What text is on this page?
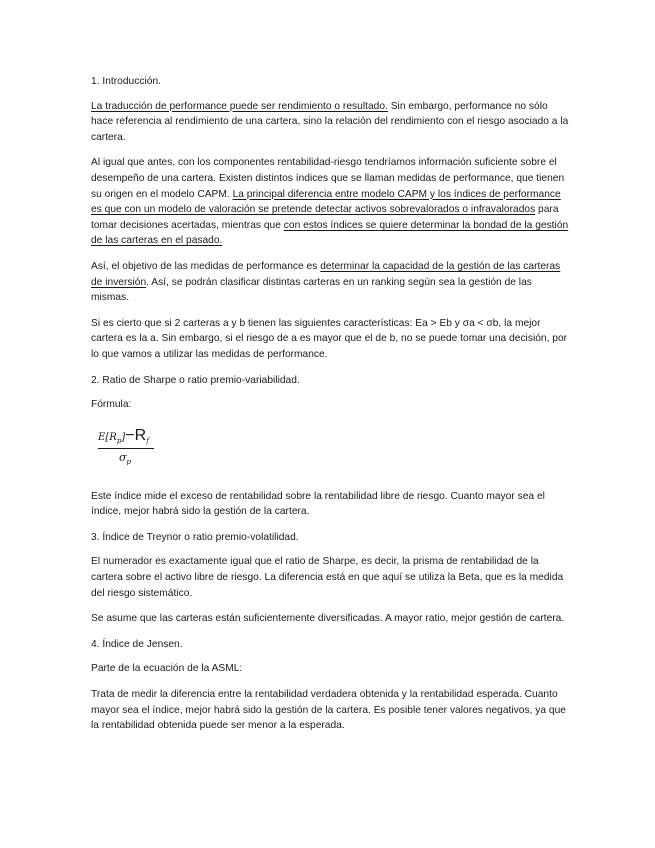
1. Introducción.

La traducción de performance puede ser rendimiento o resultado. Sin embargo, performance no sólo hace referencia al rendimiento de una cartera, sino la relación del rendimiento con el riesgo asociado a la cartera.

Al igual que antes, con los componentes rentabilidad-riesgo tendríamos información suficiente sobre el desempeño de una cartera. Existen distintos índices que se llaman medidas de performance, que tienen su origen en el modelo CAPM. La principal diferencia entre modelo CAPM y los índices de performance es que con un modelo de valoración se pretende detectar activos sobrevalorados o infravalorados para tomar decisiones acertadas, mientras que con estos índices se quiere determinar la bondad de la gestión de las carteras en el pasado.

Así, el objetivo de las medidas de performance es determinar la capacidad de la gestión de las carteras de inversión. Así, se podrán clasificar distintas carteras en un ranking según sea la gestión de las mismas.

Si es cierto que si 2 carteras a y b tienen las siguientes características: Ea > Eb y σa < σb, la mejor cartera es la a. Sin embargo, si el riesgo de a es mayor que el de b, no se puede tomar una decisión, por lo que vamos a utilizar las medidas de performance.

2. Ratio de Sharpe o ratio premio-variabilidad.

Fórmula:

$E[R_p]-R_f$
$\sigma_p$

Este índice mide el exceso de rentabilidad sobre la rentabilidad libre de riesgo. Cuanto mayor sea el índice, mejor habrá sido la gestión de la cartera.

3. Índice de Treynor o ratio premio-volatilidad.

El numerador es exactamente igual que el ratio de Sharpe, es decir, la prisma de rentabilidad de la cartera sobre el activo libre de riesgo. La diferencia está en que aquí se utiliza la Beta, que es la medida del riesgo sistemático.

Se asume que las carteras están suficientemente diversificadas. A mayor ratio, mejor gestión de cartera.

4. Índice de Jensen.

Parte de la ecuación de la ASML:

Trata de medir la diferencia entre la rentabilidad verdadera obtenida y la rentabilidad esperada. Cuanto mayor sea el índice, mejor habrá sido la gestión de la cartera. Es posible tener valores negativos, ya que la rentabilidad obtenida puede ser menor a la esperada.
